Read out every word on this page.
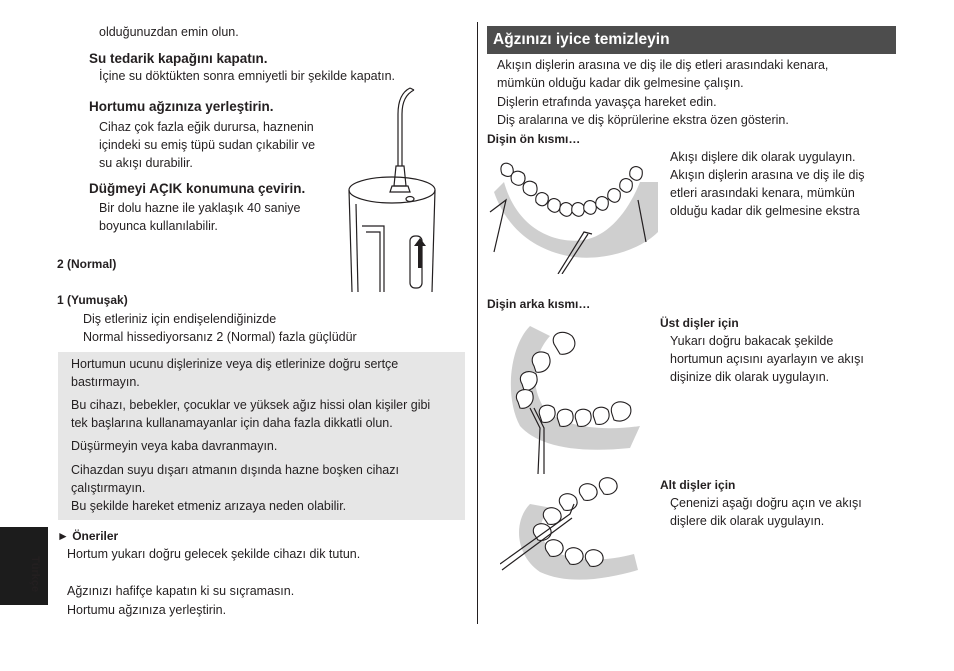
olduğunuzdan emin olun.
Su tedarik kapağını kapatın.
İçine su döktükten sonra emniyetli bir şekilde kapatın.
Hortumu ağzınıza yerleştirin.
Cihaz çok fazla eğik durursa, haznenin
içindeki su emiş tüpü sudan çıkabilir ve
su akışı durabilir.
Düğmeyi AÇIK konumuna çevirin.
Bir dolu hazne ile yaklaşık 40 saniye
boyunca kullanılabilir.
2 (Normal)
1 (Yumuşak)
Diş etleriniz için endişelendiğinizde
Normal hissediyorsanız 2 (Normal) fazla güçlüdür
Hortumun ucunu dişlerinize veya diş etlerinize doğru sertçe
bastırmayın.
Bu cihazı, bebekler, çocuklar ve yüksek ağız hissi olan kişiler gibi
tek başlarına kullanamayanlar için daha fazla dikkatli olun.
Düşürmeyin veya kaba davranmayın.
Cihazdan suyu dışarı atmanın dışında hazne boşken cihazı
çalıştırmayın.
Bu şekilde hareket etmeniz arızaya neden olabilir.
► Öneriler
Hortum yukarı doğru gelecek şekilde cihazı dik tutun.
Ağzınızı hafifçe kapatın ki su sıçramasın.
Hortumu ağzınıza yerleştirin.
Türkçe
Ağzınızı iyice temizleyin
Akışın dişlerin arasına ve diş ile diş etleri arasındaki kenara,
mümkün olduğu kadar dik gelmesine çalışın.
Dişlerin etrafında yavaşça hareket edin.
Diş aralarına ve diş köprülerine ekstra özen gösterin.
Dişin ön kısmı…
Akışı dişlere dik olarak uygulayın.
Akışın dişlerin arasına ve diş ile diş
etleri arasındaki kenara, mümkün
olduğu kadar dik gelmesine ekstra
Dişin arka kısmı…
Üst dişler için
Yukarı doğru bakacak şekilde
hortumun açısını ayarlayın ve akışı
dişinize dik olarak uygulayın.
Alt dişler için
Çenenizi aşağı doğru açın ve akışı
dişlere dik olarak uygulayın.
